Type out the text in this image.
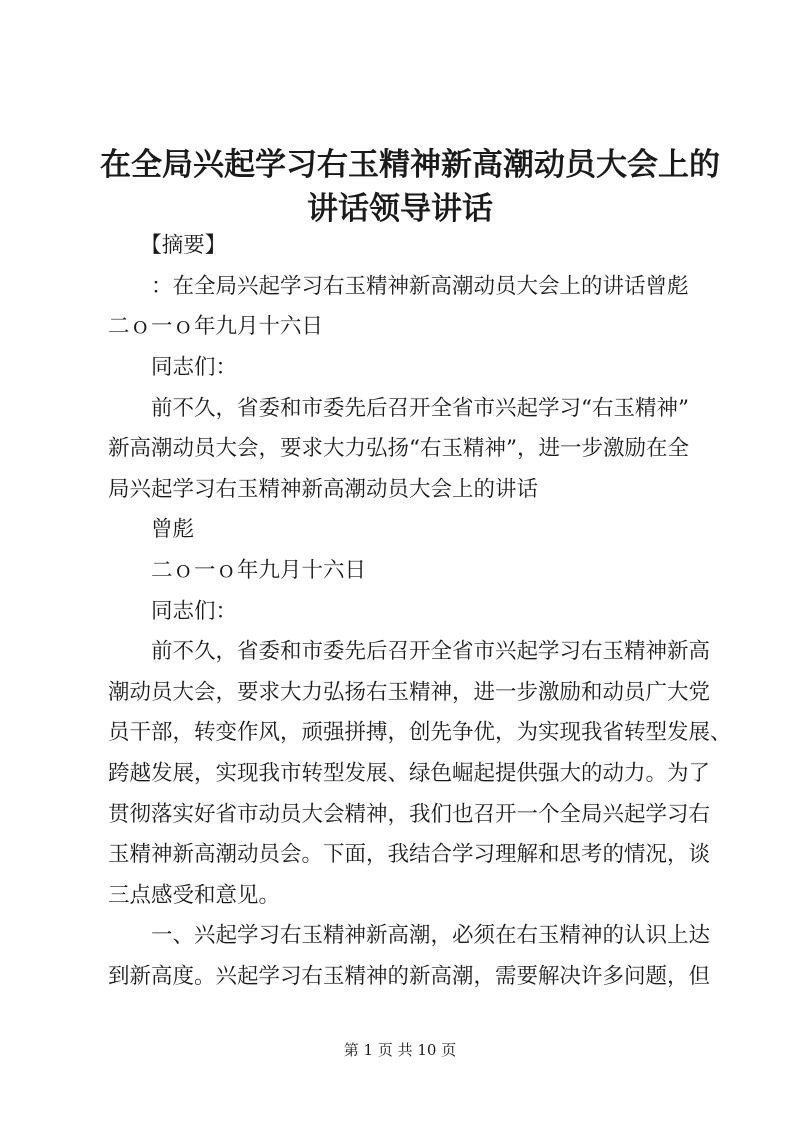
在全局兴起学习右玉精神新高潮动员大会上的
讲话领导讲话
　　【摘要】
　　：在全局兴起学习右玉精神新高潮动员大会上的讲话曾彪
二ｏ一ｏ年九月十六日
　　同志们：
　　前不久，省委和市委先后召开全省市兴起学习“右玉精神”
新高潮动员大会，要求大力弘扬“右玉精神”，进一步激励在全
局兴起学习右玉精神新高潮动员大会上的讲话
　　曾彪
　　二ｏ一ｏ年九月十六日
　　同志们：
　　前不久，省委和市委先后召开全省市兴起学习右玉精神新高
潮动员大会，要求大力弘扬右玉精神，进一步激励和动员广大党
员干部，转变作风，顽强拼搏，创先争优，为实现我省转型发展、
跨越发展，实现我市转型发展、绿色崛起提供强大的动力。为了
贯彻落实好省市动员大会精神，我们也召开一个全局兴起学习右
玉精神新高潮动员会。下面，我结合学习理解和思考的情况，谈
三点感受和意见。
　　一、兴起学习右玉精神新高潮，必须在右玉精神的认识上达
到新高度。兴起学习右玉精神的新高潮，需要解决许多问题，但
第 1 页 共 10 页
